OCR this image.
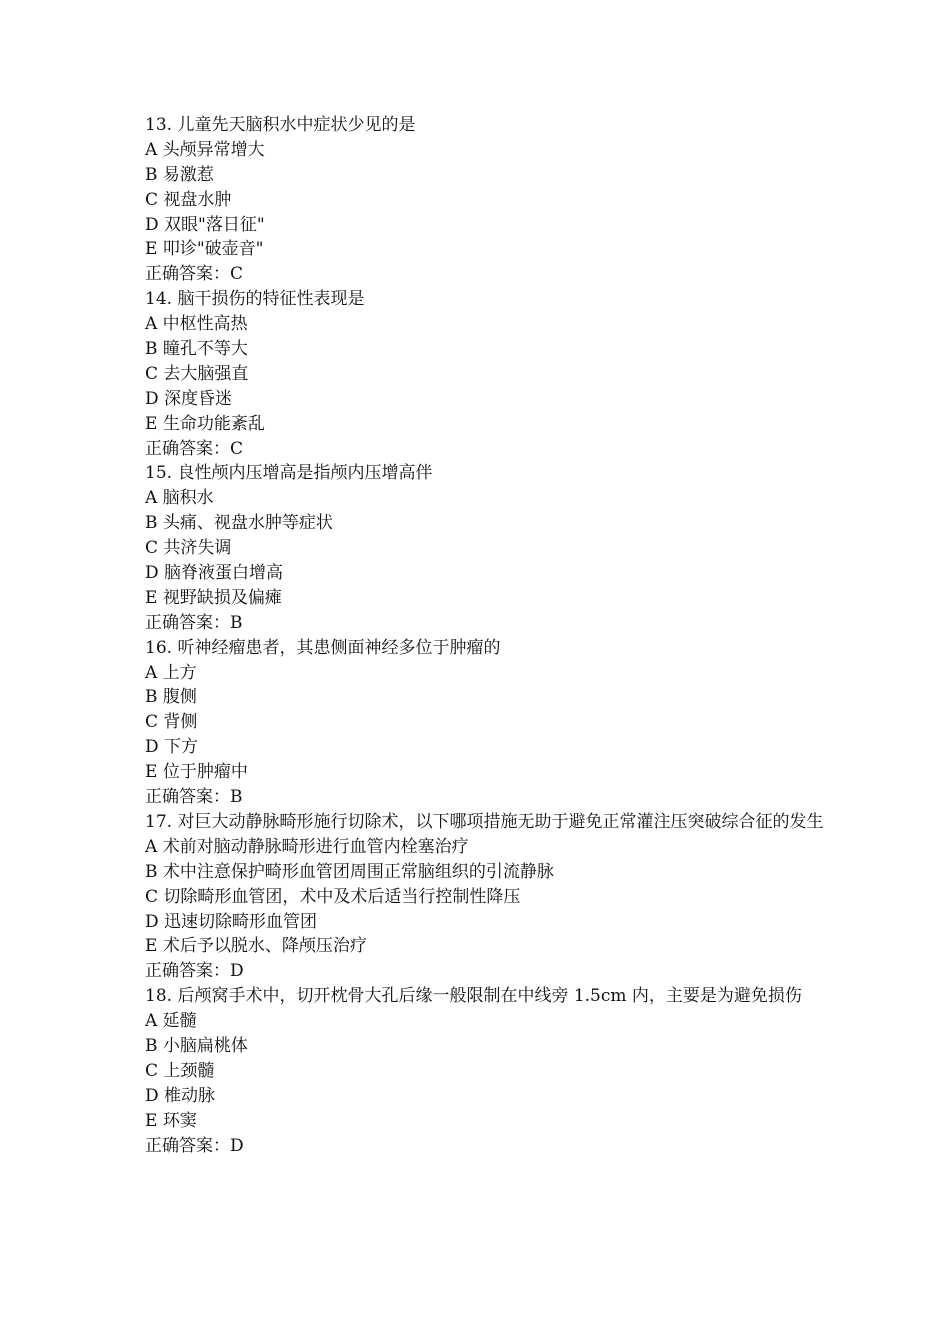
13. 儿童先天脑积水中症状少见的是
A 头颅异常增大
B 易激惹
C 视盘水肿
D 双眼"落日征"
E 叩诊"破壶音"
正确答案：C
14. 脑干损伤的特征性表现是
A 中枢性高热
B 瞳孔不等大
C 去大脑强直
D 深度昏迷
E 生命功能紊乱
正确答案：C
15. 良性颅内压增高是指颅内压增高伴
A 脑积水
B 头痛、视盘水肿等症状
C 共济失调
D 脑脊液蛋白增高
E 视野缺损及偏瘫
正确答案：B
16. 听神经瘤患者，其患侧面神经多位于肿瘤的
A 上方
B 腹侧
C 背侧
D 下方
E 位于肿瘤中
正确答案：B
17. 对巨大动静脉畸形施行切除术，以下哪项措施无助于避免正常灌注压突破综合征的发生
A 术前对脑动静脉畸形进行血管内栓塞治疗
B 术中注意保护畸形血管团周围正常脑组织的引流静脉
C 切除畸形血管团，术中及术后适当行控制性降压
D 迅速切除畸形血管团
E 术后予以脱水、降颅压治疗
正确答案：D
18. 后颅窝手术中，切开枕骨大孔后缘一般限制在中线旁 1.5cm 内，主要是为避免损伤
A 延髓
B 小脑扁桃体
C 上颈髓
D 椎动脉
E 环窦
正确答案：D
